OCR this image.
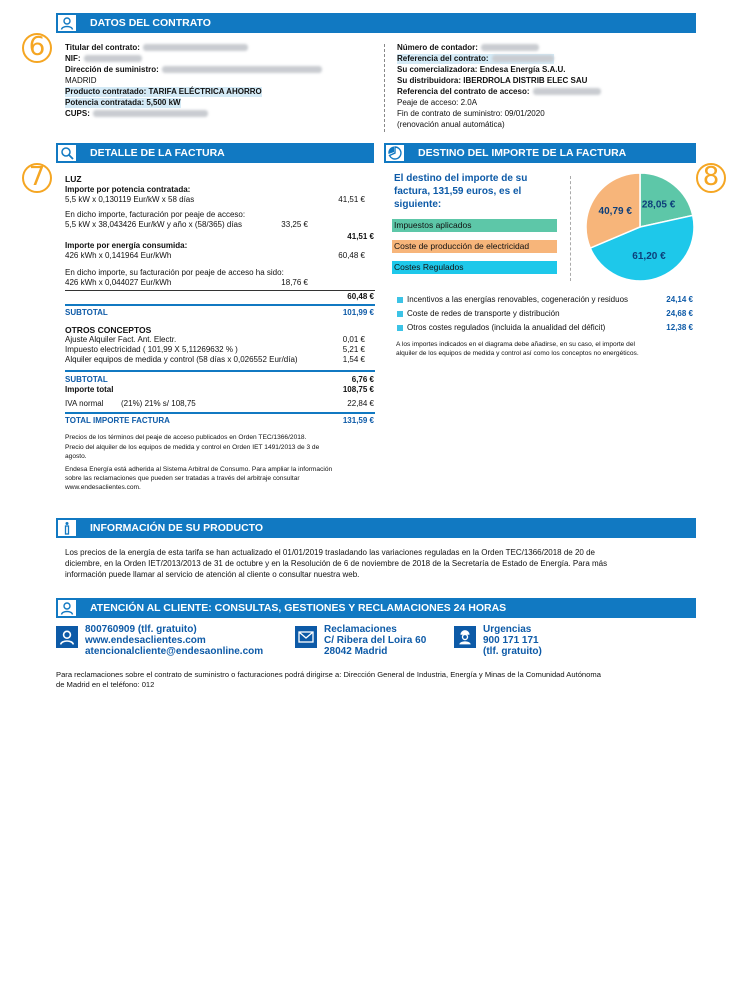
DATOS DEL CONTRATO
6	Titular del contrato:
NIF:
Dirección de suministro:
MADRID
Producto contratado: TARIFA ELÉCTRICA AHORRO
Potencia contratada: 5,500 kW
CUPS:
Número de contador:
Referencia del contrato:
Su comercializadora: Endesa Energía S.A.U.
Su distribuidora: IBERDROLA DISTRIB ELEC SAU
Referencia del contrato de acceso:
Peaje de acceso: 2.0A
Fin de contrato de suministro: 09/01/2020
(renovación anual automática)
DETALLE DE LA FACTURA
7	LUZ
Importe por potencia contratada:
5,5 kW x 0,130119 Eur/kW x 58 días	41,51 €
En dicho importe, facturación por peaje de acceso:
5,5 kW x 38,043426 Eur/kW y año x (58/365) días	33,25 €
41,51 €
Importe por energía consumida:
426 kWh x 0,141964 Eur/kWh	60,48 €
En dicho importe, su facturación por peaje de acceso ha sido:
426 kWh x 0,044027 Eur/kWh	18,76 €
60,48 €
SUBTOTAL	101,99 €
OTROS CONCEPTOS
Ajuste Alquiler Fact. Ant. Electr.	0,01 €
Impuesto electricidad ( 101,99 X 5,11269632 % )	5,21 €
Alquiler equipos de medida y control (58 días x 0,026552 Eur/día)	1,54 €
SUBTOTAL	6,76 €
Importe total	108,75 €
IVA normal (21%) 21% s/ 108,75	22,84 €
TOTAL IMPORTE FACTURA	131,59 €
Precios de los términos del peaje de acceso publicados en Orden TEC/1366/2018.
Precio del alquiler de los equipos de medida y control en Orden IET 1491/2013 de 3 de
agosto.
Endesa Energía está adherida al Sistema Arbitral de Consumo. Para ampliar la información
sobre las reclamaciones que pueden ser tratadas a través del arbitraje consultar
www.endesaclientes.com.
DESTINO DEL IMPORTE DE LA FACTURA
El destino del importe de su
factura, 131,59 euros, es el
siguiente:
Impuestos aplicados
Coste de producción de electricidad
Costes Regulados
28,05 €
61,20 €
40,79 €
8
Incentivos a las energías renovables, cogeneración y residuos	24,14 €
Coste de redes de transporte y distribución	24,68 €
Otros costes regulados (incluida la anualidad del déficit)	12,38 €
A los importes indicados en el diagrama debe añadirse, en su caso, el importe del
alquiler de los equipos de medida y control así como los conceptos no energéticos.
INFORMACIÓN DE SU PRODUCTO
Los precios de la energía de esta tarifa se han actualizado el 01/01/2019 trasladando las variaciones reguladas en la Orden TEC/1366/2018 de 20 de
diciembre, en la Orden IET/2013/2013 de 31 de octubre y en la Resolución de 6 de noviembre de 2018 de la Secretaría de Estado de Energía. Para más
información puede llamar al servicio de atención al cliente o consultar nuestra web.
ATENCIÓN AL CLIENTE: CONSULTAS, GESTIONES Y RECLAMACIONES 24 HORAS
800760909 (tlf. gratuito)
www.endesaclientes.com
atencionalcliente@endesaonline.com
Reclamaciones
C/ Ribera del Loira 60
28042 Madrid
Urgencias
900 171 171
(tlf. gratuito)
Para reclamaciones sobre el contrato de suministro o facturaciones podrá dirigirse a: Dirección General de Industria, Energía y Minas de la Comunidad Autónoma
de Madrid en el teléfono: 012
